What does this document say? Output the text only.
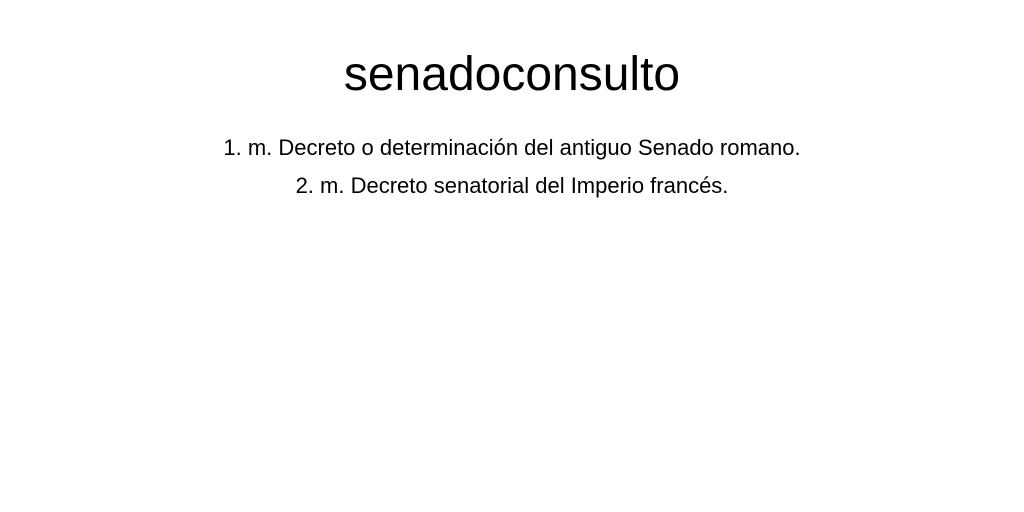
senadoconsulto
1. m. Decreto o determinación del antiguo Senado romano.
2. m. Decreto senatorial del Imperio francés.
